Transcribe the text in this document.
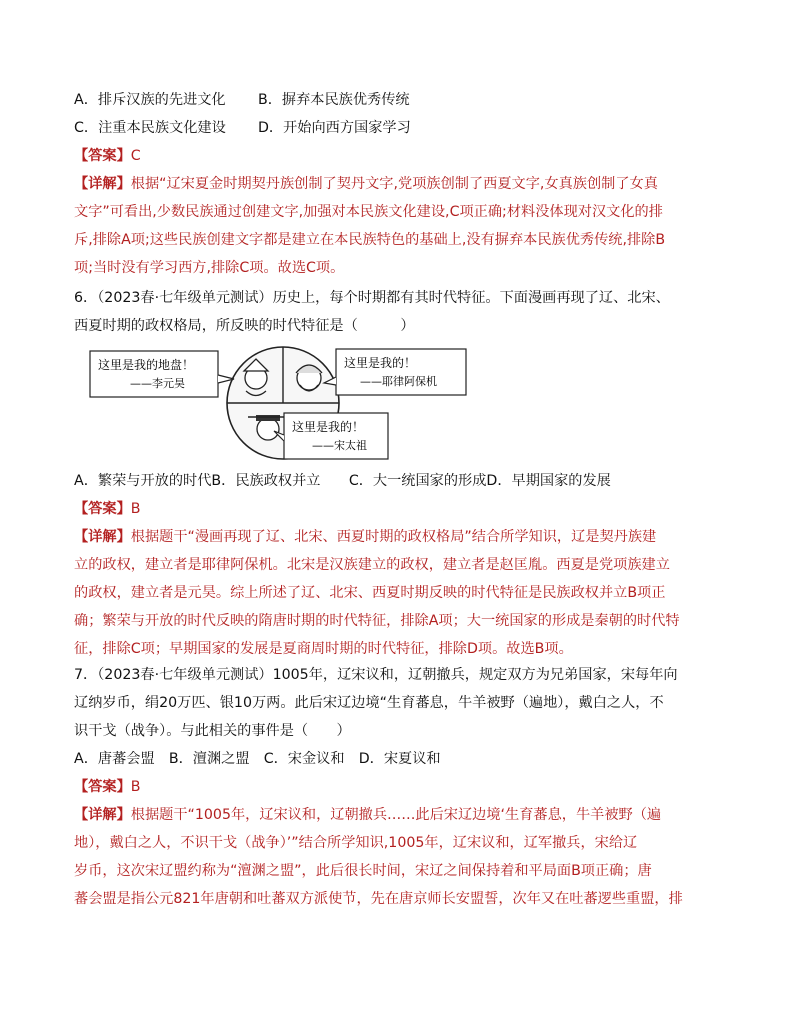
A．排斥汉族的先进文化 B．摒弃本民族优秀传统
C．注重本民族文化建设 D．开始向西方国家学习
【答案】C
【详解】根据“辽宋夏金时期契丹族创制了契丹文字,党项族创制了西夏文字,女真族创制了女真
文字”可看出,少数民族通过创建文字,加强对本民族文化建设,C项正确;材料没体现对汉文化的排
斥,排除A项;这些民族创建文字都是建立在本民族特色的基础上,没有摒弃本民族优秀传统,排除B
项;当时没有学习西方,排除C项。故选C项。
6．（2023春·七年级单元测试）历史上，每个时期都有其时代特征。下面漫画再现了辽、北宋、
西夏时期的政权格局，所反映的时代特征是（　　　）
这里是我的地盘！
——李元昊
这里是我的！
——耶律阿保机
这里是我的！
——宋太祖
A．繁荣与开放的时代B．民族政权并立　　C．大一统国家的形成D．早期国家的发展
【答案】B
【详解】根据题干“漫画再现了辽、北宋、西夏时期的政权格局”结合所学知识，辽是契丹族建
立的政权，建立者是耶律阿保机。北宋是汉族建立的政权，建立者是赵匡胤。西夏是党项族建立
的政权，建立者是元昊。综上所述了辽、北宋、西夏时期反映的时代特征是民族政权并立B项正
确；繁荣与开放的时代反映的隋唐时期的时代特征，排除A项；大一统国家的形成是秦朝的时代特
征，排除C项；早期国家的发展是夏商周时期的时代特征，排除D项。故选B项。
7．（2023春·七年级单元测试）1005年，辽宋议和，辽朝撤兵，规定双方为兄弟国家，宋每年向
辽纳岁币，绢20万匹、银10万两。此后宋辽边境“生育蕃息，牛羊被野（遍地），戴白之人，不
识干戈（战争）。与此相关的事件是（　　）
A．唐蕃会盟　B．澶渊之盟　C．宋金议和　D．宋夏议和
【答案】B
【详解】根据题干“1005年，辽宋议和，辽朝撤兵……此后宋辽边境‘生育蕃息，牛羊被野（遍
地），戴白之人，不识干戈（战争）’”结合所学知识,1005年，辽宋议和，辽军撤兵，宋给辽
岁币，这次宋辽盟约称为“澶渊之盟”，此后很长时间，宋辽之间保持着和平局面B项正确；唐
蕃会盟是指公元821年唐朝和吐蕃双方派使节，先在唐京师长安盟誓，次年又在吐蕃逻些重盟，排
